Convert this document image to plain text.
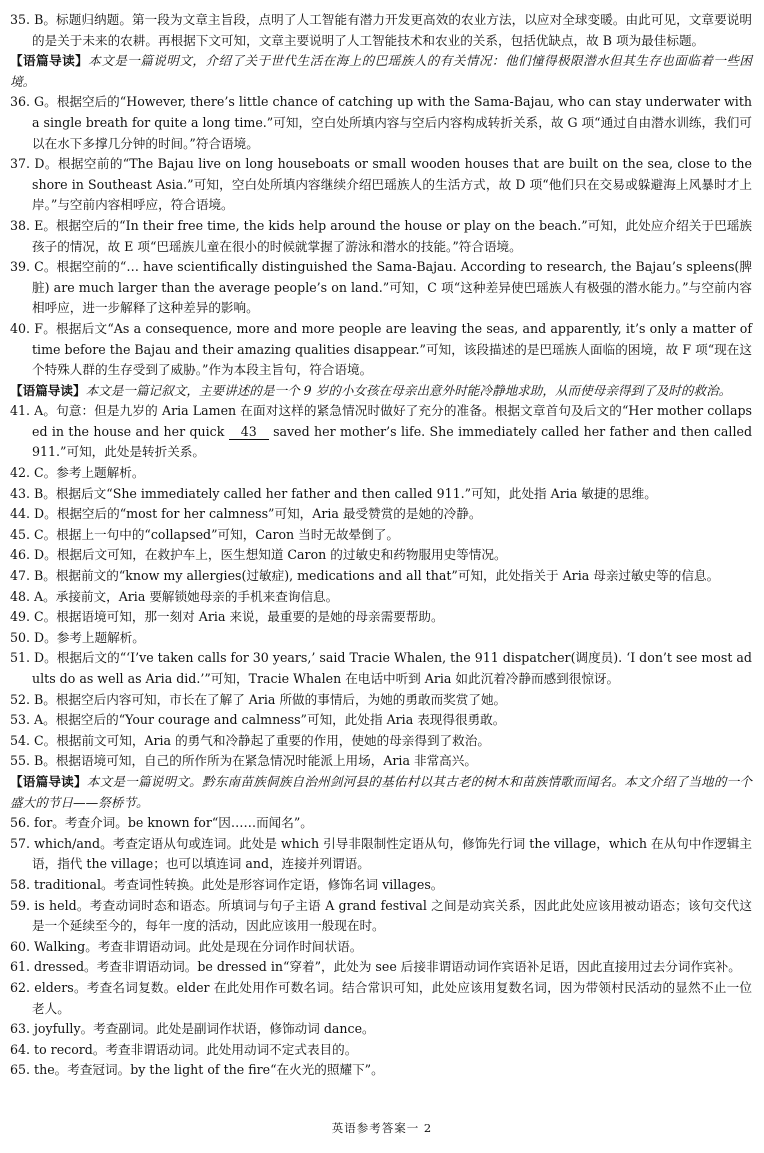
35. B。标题归纳题。第一段为文章主旨段，点明了人工智能有潜力开发更高效的农业方法，以应对全球变暖。由此可见，文章要说明的是关于未来的农耕。再根据下文可知，文章主要说明了人工智能技术和农业的关系，包括优缺点，故 B 项为最佳标题。

【语篇导读】本文是一篇说明文，介绍了关于世代生活在海上的巴瑶族人的有关情况：他们憧得极限潜水但其生存也面临着一些困境。

36. G。根据空后的“However, there’s little chance of catching up with the Sama-Bajau, who can stay underwater with a single breath for quite a long time.”可知，空白处所填内容与空后内容构成转折关系，故 G 项“通过自由潜水训练，我们可以在水下多撑几分钟的时间。”符合语境。

37. D。根据空前的“The Bajau live on long houseboats or small wooden houses that are built on the sea, close to the shore in Southeast Asia.”可知，空白处所填内容继续介绍巴瑶族人的生活方式，故 D 项“他们只在交易或躲避海上风暴时才上岸。”与空前内容相呼应，符合语境。

38. E。根据空后的“In their free time, the kids help around the house or play on the beach.”可知，此处应介绍关于巴瑶族孩子的情况，故 E 项“巴瑶族儿童在很小的时候就掌握了游泳和潜水的技能。”符合语境。

39. C。根据空前的“… have scientifically distinguished the Sama-Bajau. According to research, the Bajau’s spleens(脾脏) are much larger than the average people’s on land.”可知，C 项“这种差异使巴瑶族人有极强的潜水能力。”与空前内容相呼应，进一步解释了这种差异的影响。

40. F。根据后文“As a consequence, more and more people are leaving the seas, and apparently, it’s only a matter of time before the Bajau and their amazing qualities disappear.”可知，该段描述的是巴瑶族人面临的困境，故 F 项“现在这个特殊人群的生存受到了威胁。”作为本段主旨句，符合语境。

【语篇导读】本文是一篇记叙文，主要讲述的是一个 9 岁的小女孩在母亲出意外时能冷静地求助，从而使母亲得到了及时的救治。

41. A。句意：但是九岁的 Aria Lamen 在面对这样的紧急情况时做好了充分的准备。根据文章首句及后文的“Her mother collapsed in the house and her quick 43 saved her mother’s life. She immediately called her father and then called 911.”可知，此处是转折关系。

42. C。参考上题解析。

43. B。根据后文“She immediately called her father and then called 911.”可知，此处指 Aria 敏捷的思维。

44. D。根据空后的“most for her calmness”可知，Aria 最受赞赏的是她的冷静。

45. C。根据上一句中的“collapsed”可知，Caron 当时无故晕倒了。

46. D。根据后文可知，在救护车上，医生想知道 Caron 的过敏史和药物服用史等情况。

47. B。根据前文的“know my allergies(过敏症), medications and all that”可知，此处指关于 Aria 母亲过敏史等的信息。

48. A。承接前文，Aria 要解锁她母亲的手机来查询信息。

49. C。根据语境可知，那一刻对 Aria 来说，最重要的是她的母亲需要帮助。

50. D。参考上题解析。

51. D。根据后文的“‘I’ve taken calls for 30 years,’ said Tracie Whalen, the 911 dispatcher(调度员). ‘I don’t see most adults do as well as Aria did.’”可知，Tracie Whalen 在电话中听到 Aria 如此沉着冷静而感到很惊讶。

52. B。根据空后内容可知，市长在了解了 Aria 所做的事情后，为她的勇敢而奖赏了她。

53. A。根据空后的“Your courage and calmness”可知，此处指 Aria 表现得很勇敢。

54. C。根据前文可知，Aria 的勇气和冷静起了重要的作用，使她的母亲得到了救治。

55. B。根据语境可知，自己的所作所为在紧急情况时能派上用场，Aria 非常高兴。

【语篇导读】本文是一篇说明文。黔东南苗族侗族自治州剑河县的基佑村以其古老的树木和苗族情歌而闻名。本文介绍了当地的一个盛大的节日——祭桥节。

56. for。考查介词。be known for“因……而闻名”。

57. which/and。考查定语从句或连词。此处是 which 引导非限制性定语从句，修饰先行词 the village，which 在从句中作逻辑主语，指代 the village；也可以填连词 and，连接并列谓语。

58. traditional。考查词性转换。此处是形容词作定语，修饰名词 villages。

59. is held。考查动词时态和语态。所填词与句子主语 A grand festival 之间是动宾关系，因此此处应该用被动语态；该句交代这是一个延续至今的，每年一度的活动，因此应该用一般现在时。

60. Walking。考查非谓语动词。此处是现在分词作时间状语。

61. dressed。考查非谓语动词。be dressed in“穿着”，此处为 see 后接非谓语动词作宾语补足语，因此直接用过去分词作宾补。

62. elders。考查名词复数。elder 在此处用作可数名词。结合常识可知，此处应该用复数名词，因为带领村民活动的显然不止一位老人。

63. joyfully。考查副词。此处是副词作状语，修饰动词 dance。

64. to record。考查非谓语动词。此处用动词不定式表目的。

65. the。考查冠词。by the light of the fire“在火光的照耀下”。

英语参考答案一 2
